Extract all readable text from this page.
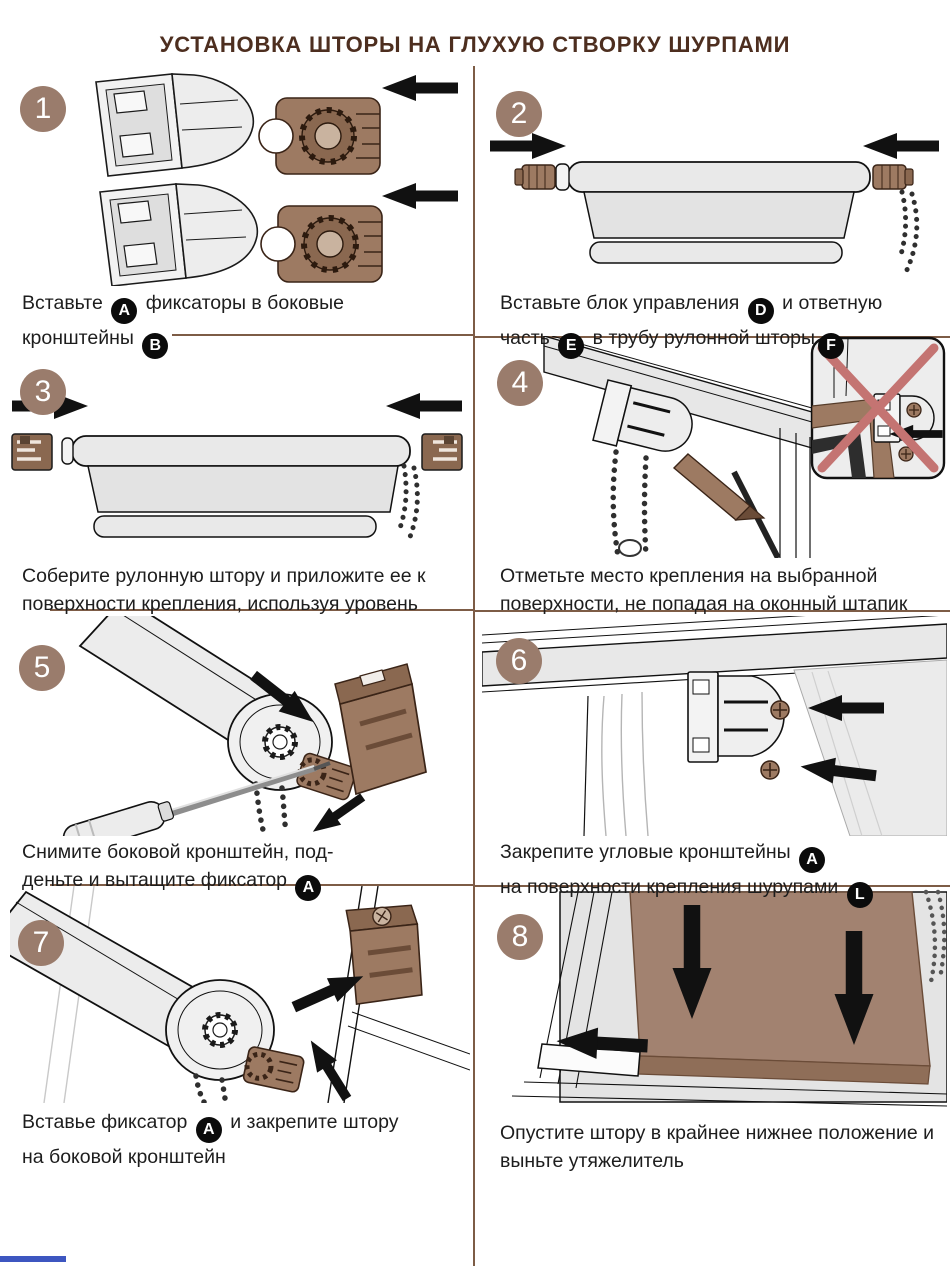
УСТАНОВКА ШТОРЫ НА ГЛУХУЮ СТВОРКУ ШУРПАМИ
1	2
3	4
5	6
7	8
Вставьте A фиксаторы в боковые
кронштейны B
Вставьте блок управления D и ответную
часть E в трубу рулонной шторы F
Соберите рулонную штору и приложите ее к
поверхности крепления, используя уровень
Отметьте место крепления на выбранной
поверхности, не попадая на оконный штапик
Снимите боковой кронштейн, под-
деньте и вытащите фиксатор A
Закрепите угловые кронштейны A
на поверхности крепления шурупами L
Вставье фиксатор A и закрепите штору
на боковой кронштейн
Опустите штору в крайнее нижнее положение и
выньте утяжелитель
